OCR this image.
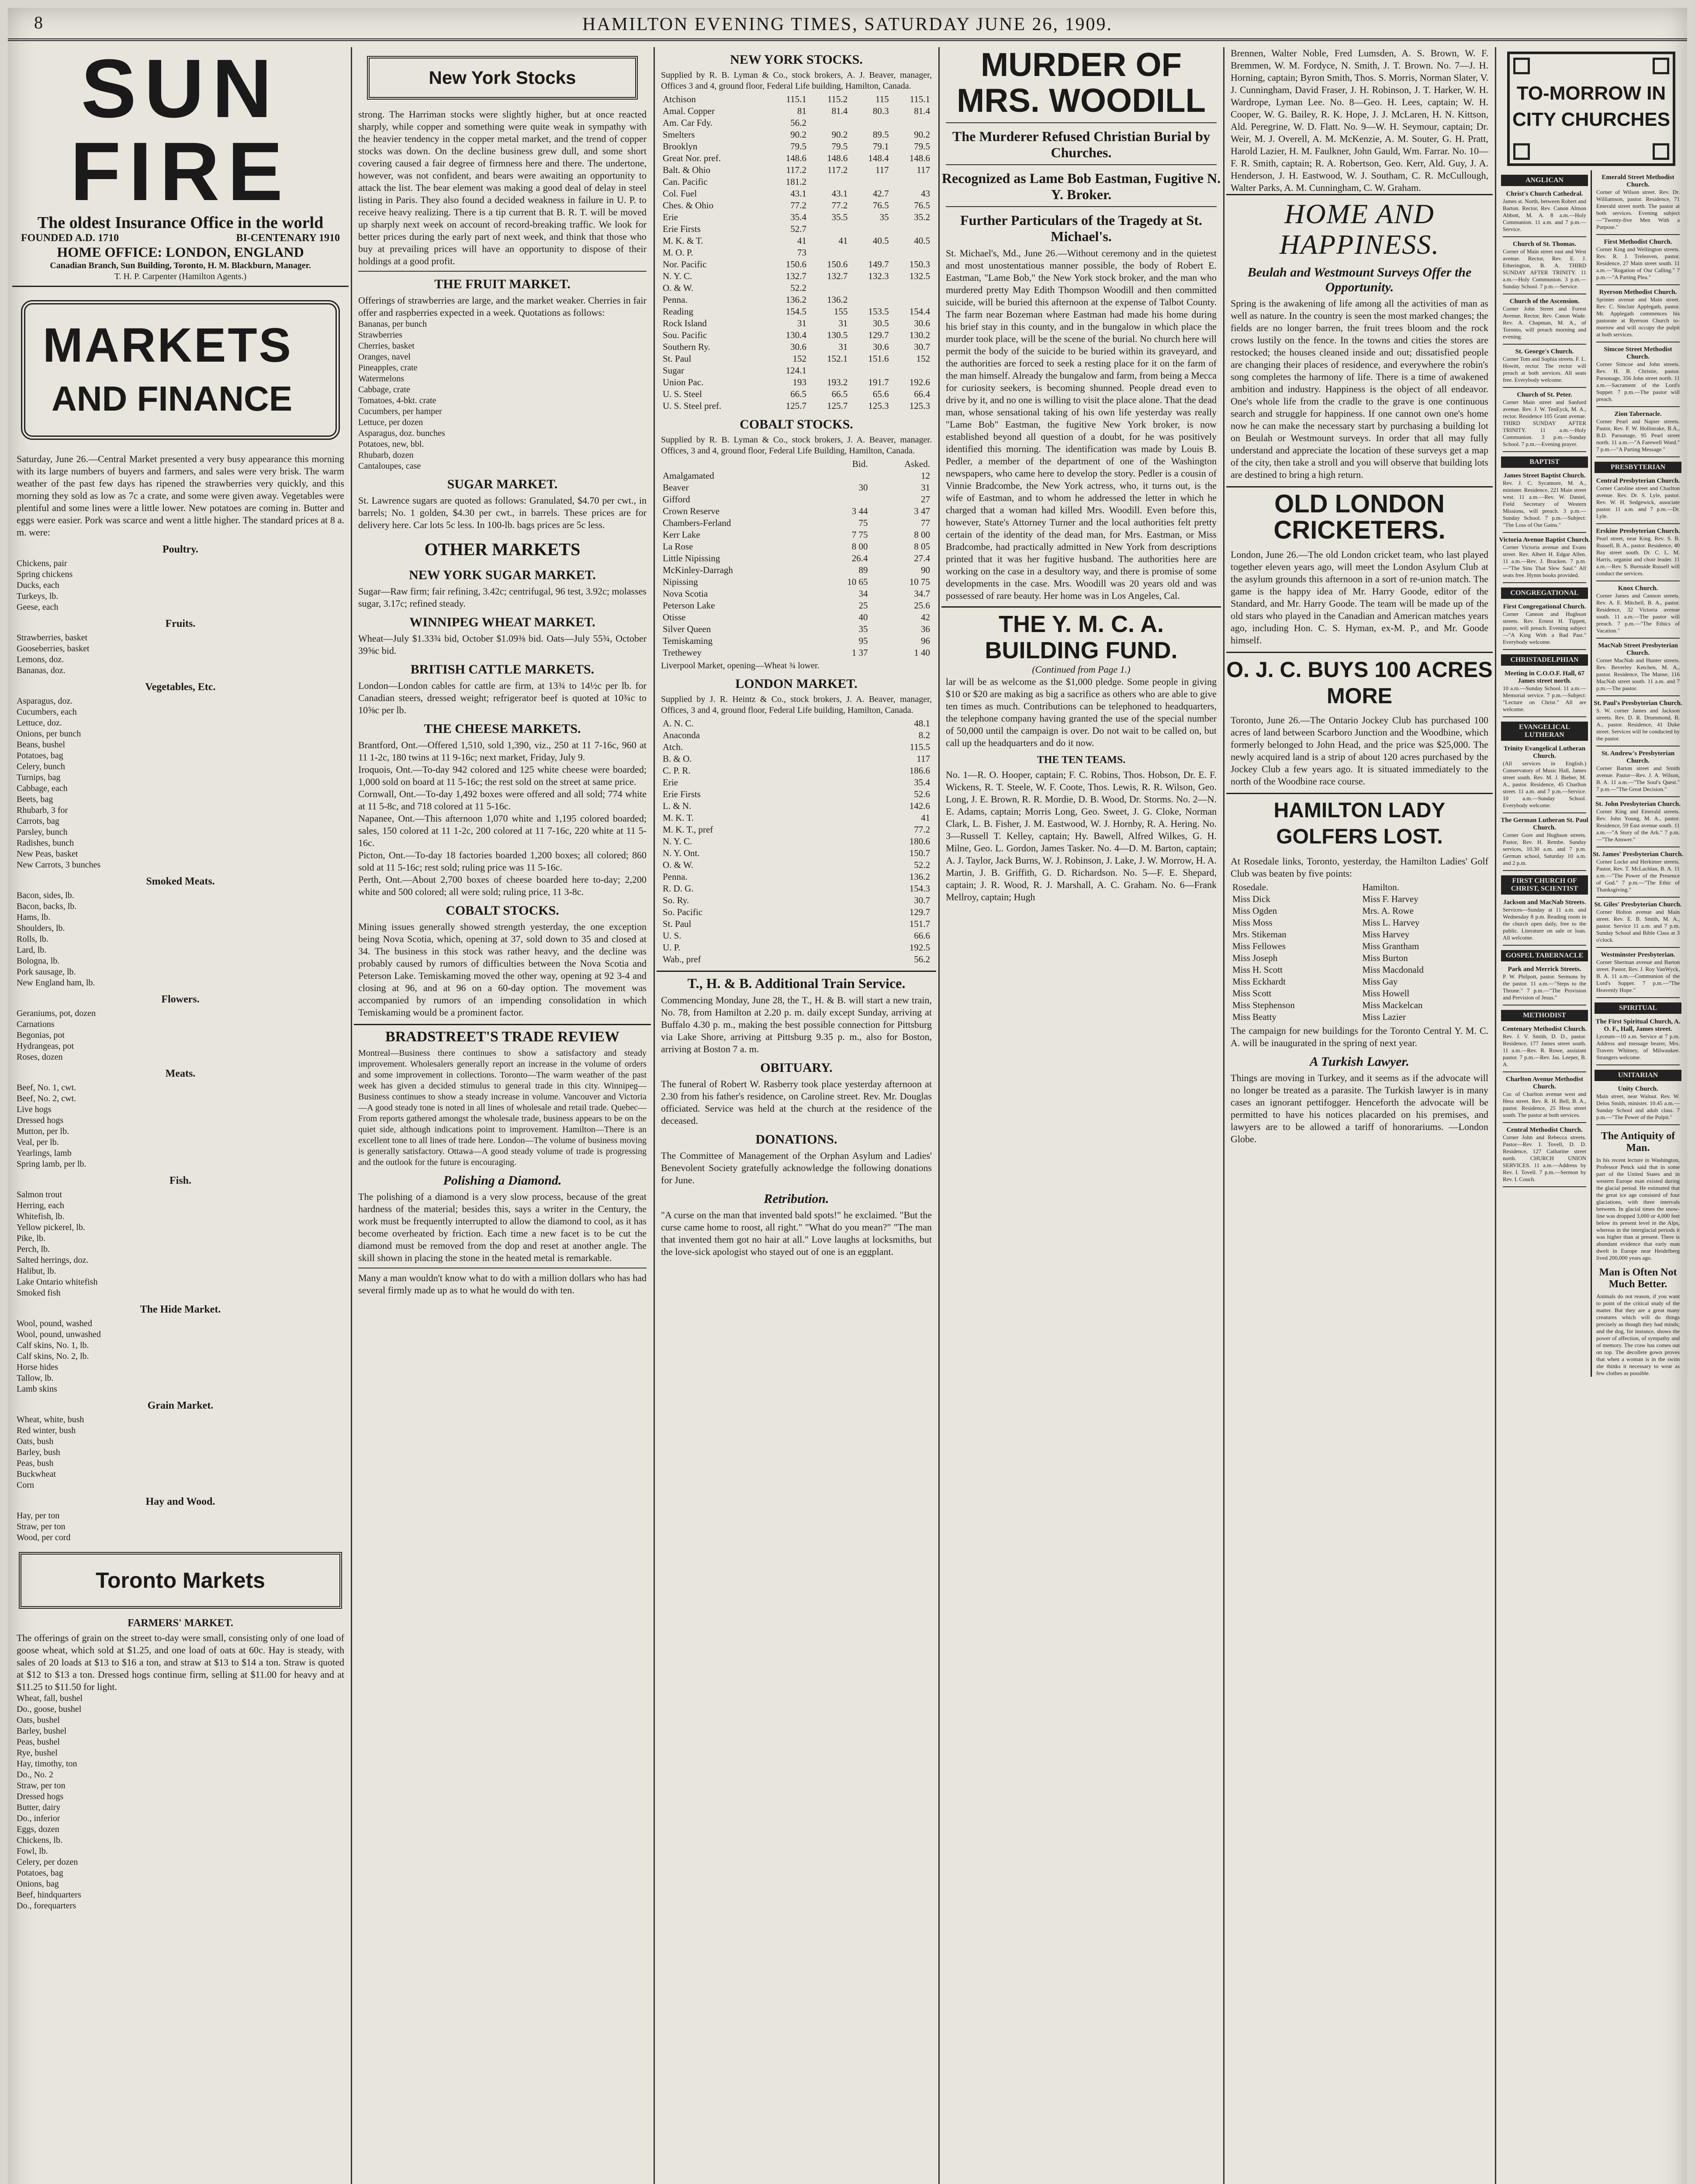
8	HAMILTON EVENING TIMES, SATURDAY JUNE 26, 1909.
SUN FIRE
The oldest Insurance Office in the world
FOUNDED A.D. 1710	BI-CENTENARY 1910
HOME OFFICE: LONDON, ENGLAND
Canadian Branch, Sun Building, Toronto, H. M. Blackburn, Manager.
T. H. P. Carpenter (Hamilton Agents.)
MARKETS
AND FINANCE
Saturday, June 26.—Central Market presented a very busy appearance this morning with its large numbers of buyers and farmers, and sales were very brisk. The warm weather of the past few days has ripened the strawberries very quickly, and this morning they sold as low as 7c a crate, and some were given away. Vegetables were plentiful and some lines were a little lower. New potatoes are coming in. Butter and eggs were easier. Pork was scarce and went a little higher. The standard prices at 8 a. m. were:
Poultry.
Chickens, pair
Spring chickens
Ducks, each
Turkeys, lb.
Geese, each
Fruits.
Strawberries, basket
Gooseberries, basket
Lemons, doz.
Bananas, doz.
Vegetables, Etc.
Asparagus, doz.
Cucumbers, each
Lettuce, doz.
Onions, per bunch
Beans, bushel
Potatoes, bag
Celery, bunch
Turnips, bag
Cabbage, each
Beets, bag
Rhubarb, 3 for
Carrots, bag
Parsley, bunch
Radishes, bunch
New Peas, basket
New Carrots, 3 bunches
Smoked Meats.
Bacon, sides, lb.
Bacon, backs, lb.
Hams, lb.
Shoulders, lb.
Rolls, lb.
Lard, lb.
Bologna, lb.
Pork sausage, lb.
New England ham, lb.
Flowers.
Geraniums, pot, dozen
Carnations
Begonias, pot
Hydrangeas, pot
Roses, dozen
Meats.
Beef, No. 1, cwt.
Beef, No. 2, cwt.
Live hogs
Dressed hogs
Mutton, per lb.
Veal, per lb.
Yearlings, lamb
Spring lamb, per lb.
Fish.
Salmon trout
Herring, each
Whitefish, lb.
Yellow pickerel, lb.
Pike, lb.
Perch, lb.
Salted herrings, doz.
Halibut, lb.
Lake Ontario whitefish
Smoked fish
The Hide Market.
Wool, pound, washed
Wool, pound, unwashed
Calf skins, No. 1, lb.
Calf skins, No. 2, lb.
Horse hides
Tallow, lb.
Lamb skins
Grain Market.
Wheat, white, bush
Red winter, bush
Oats, bush
Barley, bush
Peas, bush
Buckwheat
Corn
Hay and Wood.
Hay, per ton
Straw, per ton
Wood, per cord
Toronto Markets
FARMERS' MARKET.
The offerings of grain on the street to-day were small, consisting only of one load of goose wheat, which sold at $1.25, and one load of oats at 60c. Hay is steady, with sales of 20 loads at $13 to $16 a ton, and straw at $13 to $14 a ton. Straw is quoted at $12 to $13 a ton. Dressed hogs continue firm, selling at $11.00 for heavy and at $11.25 to $11.50 for light.
Wheat, fall, bushel
Do., goose, bushel
Oats, bushel
Barley, bushel
Peas, bushel
Rye, bushel
Hay, timothy, ton
Do., No. 2
Straw, per ton
Dressed hogs
Butter, dairy
Do., inferior
Eggs, dozen
Chickens, lb.
Fowl, lb.
Celery, per dozen
Potatoes, bag
Onions, bag
Beef, hindquarters
Do., forequarters
New York Stocks
strong. The Harriman stocks were slightly higher, but at once reacted sharply, while copper and something were quite weak in sympathy with the heavier tendency in the copper metal market, and the trend of copper stocks was down. On the decline business grew dull, and some short covering caused a fair degree of firmness here and there. The undertone, however, was not confident, and bears were awaiting an opportunity to attack the list. The bear element was making a good deal of delay in steel listing in Paris. They also found a decided weakness in failure in U. P. to receive heavy realizing. There is a tip current that B. R. T. will be moved up sharply next week on account of record-breaking traffic. We look for better prices during the early part of next week, and think that those who buy at prevailing prices will have an opportunity to dispose of their holdings at a good profit.
THE FRUIT MARKET.
Offerings of strawberries are large, and the market weaker. Cherries in fair offer and raspberries expected in a week. Quotations as follows:
Bananas, per bunch
Strawberries
Cherries, basket
Oranges, navel
Pineapples, crate
Watermelons
Cabbage, crate
Tomatoes, 4-bkt. crate
Cucumbers, per hamper
Lettuce, per dozen
Asparagus, doz. bunches
Potatoes, new, bbl.
Rhubarb, dozen
Cantaloupes, case
SUGAR MARKET.
St. Lawrence sugars are quoted as follows: Granulated, $4.70 per cwt., in barrels; No. 1 golden, $4.30 per cwt., in barrels. These prices are for delivery here. Car lots 5c less. In 100-lb. bags prices are 5c less.
OTHER MARKETS
NEW YORK SUGAR MARKET.
Sugar—Raw firm; fair refining, 3.42c; centrifugal, 96 test, 3.92c; molasses sugar, 3.17c; refined steady.
WINNIPEG WHEAT MARKET.
Wheat—July $1.33¾ bid, October $1.09⅜ bid. Oats—July 55¾, October 39⅝c bid.
BRITISH CATTLE MARKETS.
London—London cables for cattle are firm, at 13¾ to 14½c per lb. for Canadian steers, dressed weight; refrigerator beef is quoted at 10¾c to 10⅝c per lb.
THE CHEESE MARKETS.
Brantford, Ont.—Offered 1,510, sold 1,390, viz., 250 at 11 7-16c, 960 at 11 1-2c, 180 twins at 11 9-16c; next market, Friday, July 9.
Iroquois, Ont.—To-day 942 colored and 125 white cheese were boarded; 1,000 sold on board at 11 5-16c; the rest sold on the street at same price.
Cornwall, Ont.—To-day 1,492 boxes were offered and all sold; 774 white at 11 5-8c, and 718 colored at 11 5-16c.
Napanee, Ont.—This afternoon 1,070 white and 1,195 colored boarded; sales, 150 colored at 11 1-2c, 200 colored at 11 7-16c, 220 white at 11 5-16c.
Picton, Ont.—To-day 18 factories boarded 1,200 boxes; all colored; 860 sold at 11 5-16c; rest sold; ruling price was 11 5-16c.
Perth, Ont.—About 2,700 boxes of cheese boarded here to-day; 2,200 white and 500 colored; all were sold; ruling price, 11 3-8c.
COBALT STOCKS.
Mining issues generally showed strength yesterday, the one exception being Nova Scotia, which, opening at 37, sold down to 35 and closed at 34. The business in this stock was rather heavy, and the decline was probably caused by rumors of difficulties between the Nova Scotia and Peterson Lake. Temiskaming moved the other way, opening at 92 3-4 and closing at 96, and at 96 on a 60-day option. The movement was accompanied by rumors of an impending consolidation in which Temiskaming would be a prominent factor.
BRADSTREET'S TRADE REVIEW
Montreal—Business there continues to show a satisfactory and steady improvement. Wholesalers generally report an increase in the volume of orders and some improvement in collections. Toronto—The warm weather of the past week has given a decided stimulus to general trade in this city. Winnipeg—Business continues to show a steady increase in volume. Vancouver and Victoria—A good steady tone is noted in all lines of wholesale and retail trade. Quebec—From reports gathered amongst the wholesale trade, business appears to be on the quiet side, although indications point to improvement. Hamilton—There is an excellent tone to all lines of trade here. London—The volume of business moving is generally satisfactory. Ottawa—A good steady volume of trade is progressing and the outlook for the future is encouraging.
Polishing a Diamond.
The polishing of a diamond is a very slow process, because of the great hardness of the material; besides this, says a writer in the Century, the work must be frequently interrupted to allow the diamond to cool, as it has become overheated by friction. Each time a new facet is to be cut the diamond must be removed from the dop and reset at another angle. The skill shown in placing the stone in the heated metal is remarkable.
Many a man wouldn't know what to do with a million dollars who has had several firmly made up as to what he would do with ten.
NEW YORK STOCKS.
Supplied by R. B. Lyman & Co., stock brokers, A. J. Beaver, manager, Offices 3 and 4, ground floor, Federal Life building, Hamilton, Canada.
Atchison	115.1	115.2	115	115.1
Amal. Copper	81	81.4	80.3	81.4
Am. Car Fdy.	56.2			
Smelters	90.2	90.2	89.5	90.2
Brooklyn	79.5	79.5	79.1	79.5
Great Nor. pref.	148.6	148.6	148.4	148.6
Balt. & Ohio	117.2	117.2	117	117
Can. Pacific	181.2			
Col. Fuel	43.1	43.1	42.7	43
Ches. & Ohio	77.2	77.2	76.5	76.5
Erie	35.4	35.5	35	35.2
Erie Firsts	52.7			
M. K. & T.	41	41	40.5	40.5
M. O. P.	73			
Nor. Pacific	150.6	150.6	149.7	150.3
N. Y. C.	132.7	132.7	132.3	132.5
O. & W.	52.2			
Penna.	136.2	136.2		
Reading	154.5	155	153.5	154.4
Rock Island	31	31	30.5	30.6
Sou. Pacific	130.4	130.5	129.7	130.2
Southern Ry.	30.6	31	30.6	30.7
St. Paul	152	152.1	151.6	152
Sugar	124.1			
Union Pac.	193	193.2	191.7	192.6
U. S. Steel	66.5	66.5	65.6	66.4
U. S. Steel pref.	125.7	125.7	125.3	125.3
COBALT STOCKS.
Supplied by R. B. Lyman & Co., stock brokers, J. A. Beaver, manager. Offices, 3 and 4, ground floor, Federal Life Building, Hamilton, Canada.
	Bid.	Asked.
Amalgamated		12
Beaver	30	31
Gifford		27
Crown Reserve	3 44	3 47
Chambers-Ferland	75	77
Kerr Lake	7 75	8 00
La Rose	8 00	8 05
Little Nipissing	26.4	27.4
McKinley-Darragh	89	90
Nipissing	10 65	10 75
Nova Scotia	34	34.7
Peterson Lake	25	25.6
Otisse	40	42
Silver Queen	35	36
Temiskaming	95	96
Trethewey	1 37	1 40
Liverpool Market, opening—Wheat ¾ lower.
LONDON MARKET.
Supplied by J. R. Heintz & Co., stock brokers, J. A. Beaver, manager, Offices, 3 and 4, ground floor, Federal Life building, Hamilton, Canada.
A. N. C.	48.1
Anaconda	8.2
Atch.	115.5
B. & O.	117
C. P. R.	186.6
Erie	35.4
Erie Firsts	52.6
L. & N.	142.6
M. K. T.	41
M. K. T., pref	77.2
N. Y. C.	180.6
N. Y. Ont.	150.7
O. & W.	52.2
Penna.	136.2
R. D. G.	154.3
So. Ry.	30.7
So. Pacific	129.7
St. Paul	151.7
U. S.	66.6
U. P.	192.5
Wab., pref	56.2
T., H. & B. Additional Train Service.
Commencing Monday, June 28, the T., H. & B. will start a new train, No. 78, from Hamilton at 2.20 p. m. daily except Sunday, arriving at Buffalo 4.30 p. m., making the best possible connection for Pittsburg via Lake Shore, arriving at Pittsburg 9.35 p. m., also for Boston, arriving at Boston 7 a. m.
OBITUARY.
The funeral of Robert W. Rasberry took place yesterday afternoon at 2.30 from his father's residence, on Caroline street. Rev. Mr. Douglas officiated. Service was held at the church at the residence of the deceased.
DONATIONS.
The Committee of Management of the Orphan Asylum and Ladies' Benevolent Society gratefully acknowledge the following donations for June.
Retribution.
"A curse on the man that invented bald spots!" he exclaimed. "But the curse came home to roost, all right." "What do you mean?" "The man that invented them got no hair at all." Love laughs at locksmiths, but the love-sick apologist who stayed out of one is an eggplant.
MURDER OF MRS. WOODILL
The Murderer Refused Christian Burial by Churches.
Recognized as Lame Bob Eastman, Fugitive N. Y. Broker.
Further Particulars of the Tragedy at St. Michael's.
St. Michael's, Md., June 26.—Without ceremony and in the quietest and most unostentatious manner possible, the body of Robert E. Eastman, "Lame Bob," the New York stock broker, and the man who murdered pretty May Edith Thompson Woodill and then committed suicide, will be buried this afternoon at the expense of Talbot County. The farm near Bozeman where Eastman had made his home during his brief stay in this county, and in the bungalow in which place the murder took place, will be the scene of the burial. No church here will permit the body of the suicide to be buried within its graveyard, and the authorities are forced to seek a resting place for it on the farm of the man himself. Already the bungalow and farm, from being a Mecca for curiosity seekers, is becoming shunned. People dread even to drive by it, and no one is willing to visit the place alone. That the dead man, whose sensational taking of his own life yesterday was really "Lame Bob" Eastman, the fugitive New York broker, is now established beyond all question of a doubt, for he was positively identified this morning. The identification was made by Louis B. Pedler, a member of the department of one of the Washington newspapers, who came here to develop the story. Pedler is a cousin of Vinnie Bradcombe, the New York actress, who, it turns out, is the wife of Eastman, and to whom he addressed the letter in which he charged that a woman had killed Mrs. Woodill. Even before this, however, State's Attorney Turner and the local authorities felt pretty certain of the identity of the dead man, for Mrs. Eastman, or Miss Bradcombe, had practically admitted in New York from descriptions printed that it was her fugitive husband. The authorities here are working on the case in a desultory way, and there is promise of some developments in the case. Mrs. Woodill was 20 years old and was possessed of rare beauty. Her home was in Los Angeles, Cal.
THE Y. M. C. A. BUILDING FUND.
(Continued from Page 1.)
lar will be as welcome as the $1,000 pledge. Some people in giving $10 or $20 are making as big a sacrifice as others who are able to give ten times as much. Contributions can be telephoned to headquarters, the telephone company having granted the use of the special number of 50,000 until the campaign is over. Do not wait to be called on, but call up the headquarters and do it now.
THE TEN TEAMS.
No. 1—R. O. Hooper, captain; F. C. Robins, Thos. Hobson, Dr. E. F. Wickens, R. T. Steele, W. F. Coote, Thos. Lewis, R. R. Wilson, Geo. Long, J. E. Brown, R. R. Mordie, D. B. Wood, Dr. Storms. No. 2—N. E. Adams, captain; Morris Long, Geo. Sweet, J. G. Cloke, Norman Clark, L. B. Fisher, J. M. Eastwood, W. J. Hornby, R. A. Hering. No. 3—Russell T. Kelley, captain; Hy. Bawell, Alfred Wilkes, G. H. Milne, Geo. L. Gordon, James Tasker. No. 4—D. M. Barton, captain; A. J. Taylor, Jack Burns, W. J. Robinson, J. Lake, J. W. Morrow, H. A. Martin, J. B. Griffith, G. D. Richardson. No. 5—F. E. Shepard, captain; J. R. Wood, R. J. Marshall, A. C. Graham. No. 6—Frank Mellroy, captain; Hugh
TO-MORROW IN CITY CHURCHES
ANGLICAN
Christ's Church Cathedral.
James st. North, between Robert and Barton. Rector, Rev. Canon Almon Abbott, M. A. 8 a.m.—Holy Communion. 11 a.m. and 7 p.m.—Service.
Church of St. Thomas.
Corner of Main street east and West avenue. Rector, Rev. E. J. Etherington, B. A. THIRD SUNDAY AFTER TRINITY. 11 a.m.—Holy Communion. 3 p.m.—Sunday School. 7 p.m.—Service.
Church of the Ascension.
Corner John Street and Forest Avenue. Rector, Rev. Canon Wade. Rev. A. Chapman, M. A., of Toronto, will preach morning and evening.
St. George's Church.
Corner Tom and Sophia streets. F. L. Howitt, rector. The rector will preach at both services. All seats free. Everybody welcome.
Church of St. Peter.
Corner Main street and Sanford avenue. Rev. J. W. TenEyck, M. A., rector. Residence 105 Grant avenue. THIRD SUNDAY AFTER TRINITY. 11 a.m.—Holy Communion. 3 p.m.—Sunday School. 7 p.m.—Evening prayer.
BAPTIST
James Street Baptist Church.
Rev. J. C. Sycamore, M. A., minister. Residence, 221 Main street west. 11 a.m.—Rev. W. Daniel, Field Secretary of Western Missions, will preach. 3 p.m.—Sunday School. 7 p.m.—Subject: "The Loss of Our Gains."
Victoria Avenue Baptist Church.
Corner Victoria avenue and Evans street. Rev. Albert H. Edgar Allen. 11 a.m.—Rev. J. Bracken. 7 p.m.—"The Sins That Slew Saul." All seats free. Hymn books provided.
CONGREGATIONAL
First Congregational Church.
Corner Cannon and Hughson streets. Rev. Ernest H. Tippett, pastor, will preach. Evening subject—"A King With a Bad Past." Everybody welcome.
CHRISTADELPHIAN
Meeting in C.O.O.F. Hall, 67 James street north.
10 a.m.—Sunday School. 11 a.m.—Memorial service. 7 p.m.—Subject: "Lecture on Christ." All are welcome.
EVANGELICAL LUTHERAN
Trinity Evangelical Lutheran Church.
(All services in English.) Conservatory of Music Hall, James street south. Rev. M. J. Bieber, M. A., pastor. Residence, 45 Charlton street. 11 a.m. and 7 p.m.—Service. 10 a.m.—Sunday School. Everybody welcome.
The German Lutheran St. Paul Church.
Corner Gore and Hughson streets. Pastor, Rev. H. Rembe. Sunday services, 10.30 a.m. and 7 p.m. German school, Saturday 10 a.m. and 2 p.m.
FIRST CHURCH OF CHRIST, SCIENTIST
Jackson and MacNab Streets.
Services—Sunday at 11 a.m. and Wednesday 8 p.m. Reading room in the church open daily, free to the public. Literature on sale or loan. All welcome.
GOSPEL TABERNACLE
Park and Merrick Streets.
P. W. Philpott, pastor. Sermons by the pastor. 11 a.m.—"Steps to the Throne." 7 p.m.—"The Provision and Prevision of Jesus."
METHODIST
Centenary Methodist Church.
Rev. J. V. Smith, D. D., pastor. Residence, 177 James street south. 11 a.m.—Rev. R. Rowe, assistant pastor. 7 p.m.—Rev. Jas. Leeper, B. A.
Charlton Avenue Methodist Church.
Cor. of Charlton avenue west and Hess street. Rev. R. H. Bell, B. A., pastor. Residence, 25 Hess street south. The pastor at both services.
Central Methodist Church.
Corner John and Rebecca streets. Pastor—Rev. I. Tovell, D. D. Residence, 127 Catharine street north. CHURCH UNION SERVICES. 11 a.m.—Address by Rev. I. Tovell. 7 p.m.—Sermon by Rev. I. Couch.
Emerald Street Methodist Church.
Corner of Wilson street. Rev. Dr. Williamson, pastor. Residence, 71 Emerald street north. The pastor at both services. Evening subject—"Twenty-five Men With a Purpose."
First Methodist Church.
Corner King and Wellington streets. Rev. R. J. Treleaven, pastor. Residence, 27 Main street south. 11 a.m.—"Rogation of Our Calling." 7 p.m.—"A Parting Plea."
Ryerson Methodist Church.
Sprinter avenue and Main street. Rev. C. Sinclair Applegath, pastor. Mr. Applegath commences his pastorate at Ryerson Church to-morrow and will occupy the pulpit at both services.
Simcoe Street Methodist Church.
Corner Simcoe and John streets. Rev. H. B. Christie, pastor. Parsonage, 356 John street north. 11 a.m.—Sacrament of the Lord's Supper. 7 p.m.—The pastor will preach.
Zion Tabernacle.
Corner Pearl and Napier streets. Pastor, Rev. F. W. Hollinrake, B.A., B.D. Parsonage, 95 Pearl street north. 11 a.m.—"A Farewell Word." 7 p.m.—"A Parting Message."
PRESBYTERIAN
Central Presbyterian Church.
Corner Caroline street and Charlton avenue. Rev. Dr. S. Lyle, pastor. Rev. W. H. Sedgewick, associate pastor. 11 a.m. and 7 p.m.—Dr. Lyle.
Erskine Presbyterian Church.
Pearl street, near King. Rev. S. B. Russell, B. A., pastor. Residence, 40 Bay street south. Dr. C. L. M. Harris, organist and choir leader. 11 a.m.—Rev. S. Burnside Russell will conduct the services.
Knox Church.
Corner James and Cannon streets. Rev. A. E. Mitchell, B. A., pastor. Residence, 32 Victoria avenue south. 11 a.m.—The pastor will preach. 7 p.m.—"The Ethics of Vacation."
MacNab Street Presbyterian Church.
Corner MacNab and Hunter streets. Rev. Beverley Ketchen, M. A., pastor. Residence, The Manse, 116 MacNab street south. 11 a.m. and 7 p.m.—The pastor.
St. Paul's Presbyterian Church.
S. W. corner James and Jackson streets. Rev. D. R. Drummond, B. A., pastor. Residence, 41 Duke street. Services will be conducted by the pastor.
St. Andrew's Presbyterian Church.
Corner Barton street and Smith avenue. Pastor—Rev. J. A. Wilson, B. A. 11 a.m.—"The Soul's Quest." 7 p.m.—"The Great Decision."
St. John Presbyterian Church.
Corner King and Emerald streets. Rev. John Young, M. A., pastor. Residence, 59 East avenue south. 11 a.m.—"A Story of the Ark." 7 p.m.—"The Answer."
St. James' Presbyterian Church.
Corner Locke and Herkimer streets. Pastor, Rev. T. McLachlan, B. A. 11 a.m.—"The Power of the Presence of God." 7 p.m.—"The Ethic of Thanksgiving."
St. Giles' Presbyterian Church.
Corner Holton avenue and Main street. Rev. E. B. Smith, M. A., pastor. Service 11 a.m. and 7 p.m. Sunday School and Bible Class at 3 o'clock.
Westminster Presbyterian.
Corner Sherman avenue and Barton street. Pastor, Rev. J. Roy VanWyck, B. A. 11 a.m.—Communion of the Lord's Supper. 7 p.m.—"The Heavenly Hope."
SPIRITUAL
The First Spiritual Church, A. O. F., Hall, James street.
Lyceum—10 a.m. Service at 7 p.m. Address and message bearer, Mrs. Travers Whitney, of Milwaukee. Strangers welcome.
UNITARIAN
Unity Church.
Main street, near Walnut. Rev. W. Delos Smith, minister. 10.45 a.m.—Sunday School and adult class. 7 p.m.—"The Power of the Pulpit."
The Antiquity of Man.
In his recent lecture in Washington, Professor Penck said that in some part of the United States and in western Europe man existed during the glacial period. He estimated that the great ice age consisted of four glaciations, with three intervals between. In glacial times the snow-line was dropped 3,000 or 4,000 feet below its present level in the Alps, whereas in the interglacial periods it was higher than at present. There is abundant evidence that early man dwelt in Europe near Heidelberg lived 200,000 years ago.
Man is Often Not Much Better.
Animals do not reason, if you want to point of the critical study of the matter. But they are a great many creatures which will do things precisely as though they had minds; and the dog, for instance, shows the power of affection, of sympathy and of memory. The craw has comes out on top. The decollete gown proves that when a woman is in the swim she thinks it necessary to wear as few clothes as possible.
Brennen, Walter Noble, Fred Lumsden, A. S. Brown, W. F. Bremmen, W. M. Fordyce, N. Smith, J. T. Brown. No. 7—J. H. Horning, captain; Byron Smith, Thos. S. Morris, Norman Slater, V. J. Cunningham, David Fraser, J. H. Robinson, J. T. Harker, W. H. Wardrope, Lyman Lee. No. 8—Geo. H. Lees, captain; W. H. Cooper, W. G. Bailey, R. K. Hope, J. J. McLaren, H. N. Kittson, Ald. Peregrine, W. D. Flatt. No. 9—W. H. Seymour, captain; Dr. Weir, M. J. Overell, A. M. McKenzie, A. M. Souter, G. H. Pratt, Harold Lazier, H. M. Faulkner, John Gauld, Wm. Farrar. No. 10—F. R. Smith, captain; R. A. Robertson, Geo. Kerr, Ald. Guy, J. A. Henderson, J. H. Eastwood, W. J. Southam, C. R. McCullough, Walter Parks, A. M. Cunningham, C. W. Graham.
HOME AND HAPPINESS.
Beulah and Westmount Surveys Offer the Opportunity.
Spring is the awakening of life among all the activities of man as well as nature. In the country is seen the most marked changes; the fields are no longer barren, the fruit trees bloom and the rock crows lustily on the fence. In the towns and cities the stores are restocked; the houses cleaned inside and out; dissatisfied people are changing their places of residence, and everywhere the robin's song completes the harmony of life. There is a time of awakened ambition and industry. Happiness is the object of all endeavor. One's whole life from the cradle to the grave is one continuous search and struggle for happiness. If one cannot own one's home now he can make the necessary start by purchasing a building lot on Beulah or Westmount surveys. In order that all may fully understand and appreciate the location of these surveys get a map of the city, then take a stroll and you will observe that building lots are destined to bring a high return.
OLD LONDON CRICKETERS.
London, June 26.—The old London cricket team, who last played together eleven years ago, will meet the London Asylum Club at the asylum grounds this afternoon in a sort of re-union match. The game is the happy idea of Mr. Harry Goode, editor of the Standard, and Mr. Harry Goode. The team will be made up of the old stars who played in the Canadian and American matches years ago, including Hon. C. S. Hyman, ex-M. P., and Mr. Goode himself.
O. J. C. BUYS 100 ACRES MORE
Toronto, June 26.—The Ontario Jockey Club has purchased 100 acres of land between Scarboro Junction and the Woodbine, which formerly belonged to John Head, and the price was $25,000. The newly acquired land is a strip of about 120 acres purchased by the Jockey Club a few years ago. It is situated immediately to the north of the Woodbine race course.
HAMILTON LADY GOLFERS LOST.
At Rosedale links, Toronto, yesterday, the Hamilton Ladies' Golf Club was beaten by five points:
Rosedale.	Hamilton.
Miss Dick	Miss F. Harvey
Miss Ogden	Mrs. A. Rowe
Miss Moss	Miss L. Harvey
Mrs. Stikeman	Miss Harvey
Miss Fellowes	Miss Grantham
Miss Joseph	Miss Burton
Miss H. Scott	Miss Macdonald
Miss Eckhardt	Miss Gay
Miss Scott	Miss Howell
Miss Stephenson	Miss Mackelcan
Miss Beatty	Miss Lazier
The campaign for new buildings for the Toronto Central Y. M. C. A. will be inaugurated in the spring of next year.
A Turkish Lawyer.
Things are moving in Turkey, and it seems as if the advocate will no longer be treated as a parasite. The Turkish lawyer is in many cases an ignorant pettifogger. Henceforth the advocate will be permitted to have his notices placarded on his premises, and lawyers are to be allowed a tariff of honorariums. —London Globe.
